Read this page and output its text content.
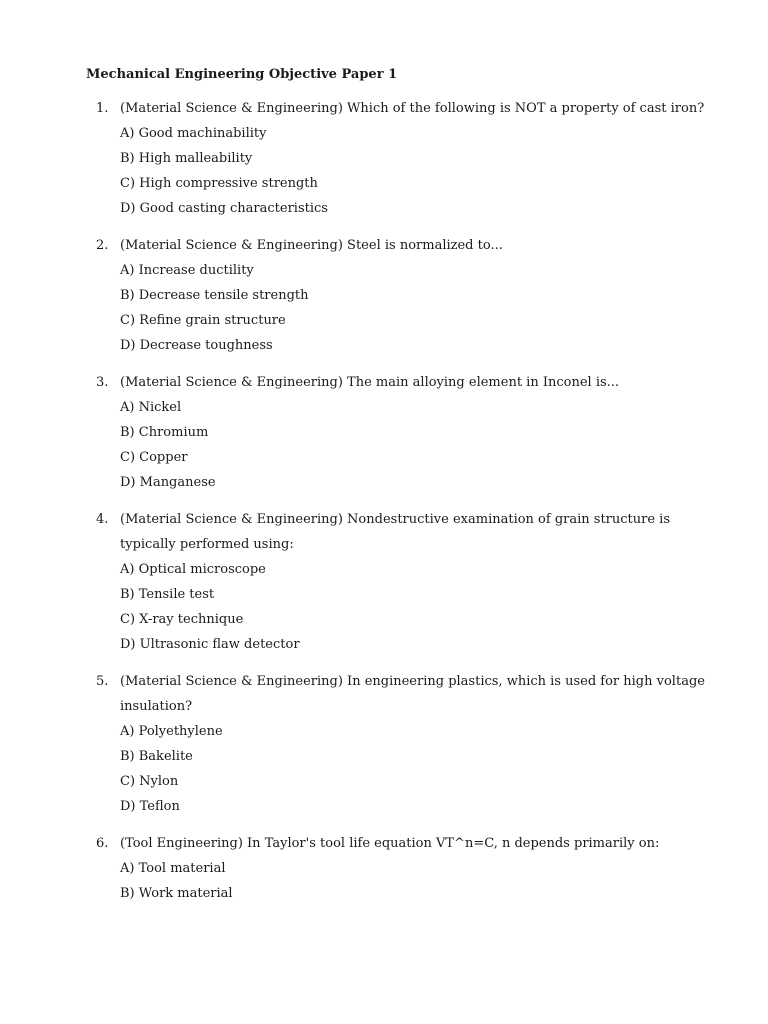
Mechanical Engineering Objective Paper 1
1. (Material Science & Engineering) Which of the following is NOT a property of cast iron?
A) Good machinability
B) High malleability
C) High compressive strength
D) Good casting characteristics
2. (Material Science & Engineering) Steel is normalized to...
A) Increase ductility
B) Decrease tensile strength
C) Refine grain structure
D) Decrease toughness
3. (Material Science & Engineering) The main alloying element in Inconel is...
A) Nickel
B) Chromium
C) Copper
D) Manganese
4. (Material Science & Engineering) Nondestructive examination of grain structure is typically performed using:
A) Optical microscope
B) Tensile test
C) X-ray technique
D) Ultrasonic flaw detector
5. (Material Science & Engineering) In engineering plastics, which is used for high voltage insulation?
A) Polyethylene
B) Bakelite
C) Nylon
D) Teflon
6. (Tool Engineering) In Taylor's tool life equation VT^n=C, n depends primarily on:
A) Tool material
B) Work material
